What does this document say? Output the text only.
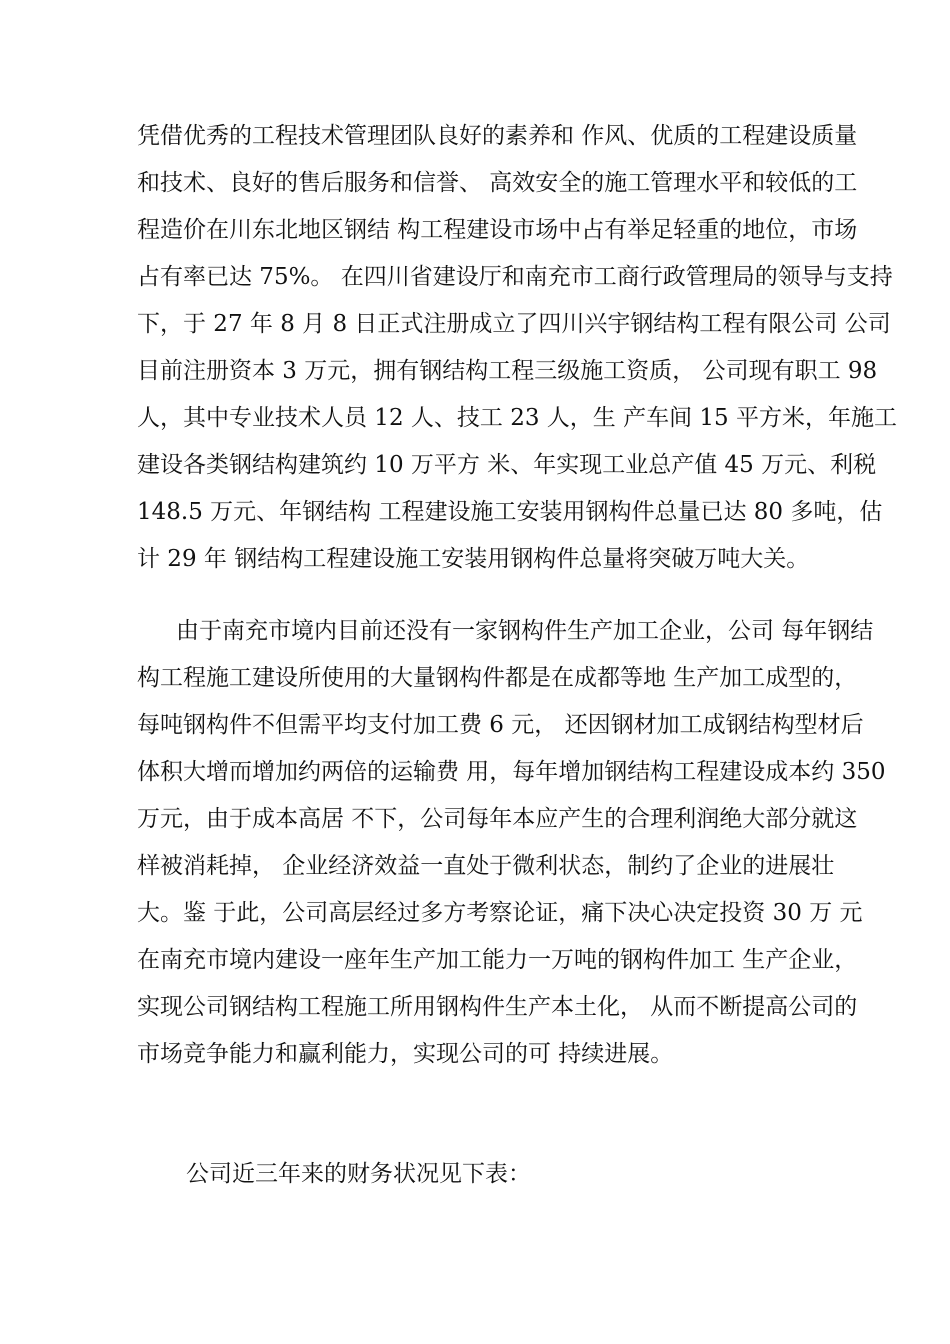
凭借优秀的工程技术管理团队良好的素养和 作风、优质的工程建设质量
和技术、良好的售后服务和信誉、 高效安全的施工管理水平和较低的工
程造价在川东北地区钢结 构工程建设市场中占有举足轻重的地位，市场
占有率已达 75%。 在四川省建设厅和南充市工商行政管理局的领导与支持
下，于 27 年 8 月 8 日正式注册成立了四川兴宇钢结构工程有限公司 公司
目前注册资本 3 万元，拥有钢结构工程三级施工资质， 公司现有职工 98
人，其中专业技术人员 12 人、技工 23 人，生 产车间 15 平方米，年施工
建设各类钢结构建筑约 10 万平方 米、年实现工业总产值 45 万元、利税
148.5 万元、年钢结构 工程建设施工安装用钢构件总量已达 80 多吨，估
计 29 年 钢结构工程建设施工安装用钢构件总量将突破万吨大关。
由于南充市境内目前还没有一家钢构件生产加工企业，公司 每年钢结
构工程施工建设所使用的大量钢构件都是在成都等地 生产加工成型的，
每吨钢构件不但需平均支付加工费 6 元， 还因钢材加工成钢结构型材后
体积大增而增加约两倍的运输费 用，每年增加钢结构工程建设成本约 350
万元，由于成本高居 不下，公司每年本应产生的合理利润绝大部分就这
样被消耗掉， 企业经济效益一直处于微利状态，制约了企业的进展壮
大。鉴 于此，公司高层经过多方考察论证，痛下决心决定投资 30 万 元
在南充市境内建设一座年生产加工能力一万吨的钢构件加工 生产企业，
实现公司钢结构工程施工所用钢构件生产本土化， 从而不断提高公司的
市场竞争能力和赢利能力，实现公司的可 持续进展。
公司近三年来的财务状况见下表：
